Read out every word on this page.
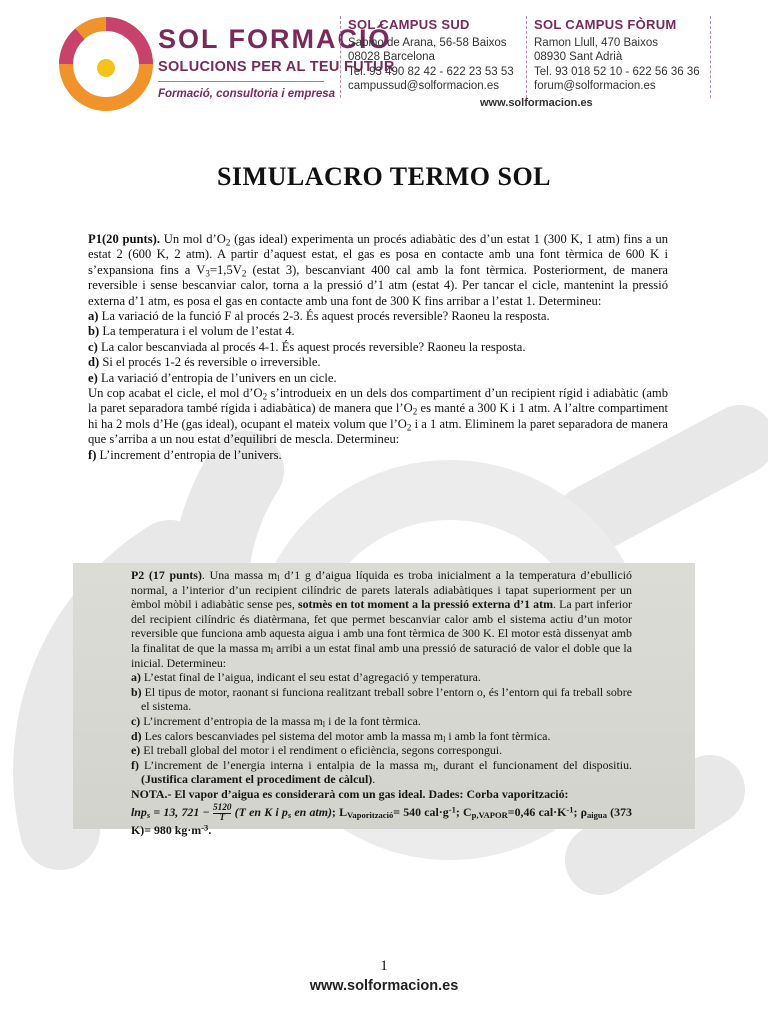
SOL FORMACIÓ
SOLUCIONS PER AL TEU FUTUR
Formació, consultoria i empresa
SOL CAMPUS SUD
Sabino de Arana, 56-58 Baixos
08028 Barcelona
Tel. 93 490 82 42 - 622 23 53 53
campussud@solformacion.es
SOL CAMPUS FÒRUM
Ramon Llull, 470 Baixos
08930 Sant Adrià
Tel. 93 018 52 10 - 622 56 36 36
forum@solformacion.es
www.solformacion.es
SIMULACRO TERMO SOL

P1(20 punts). Un mol $d’O_2$ (gas ideal) experimenta un procés adiabàtic des d’un estat 1 (300 K, 1 atm) fins a un estat 2 (600 K, 2 atm). A partir d’aquest estat, el gas es posa en contacte amb una font tèrmica de 600 K i s’expansiona fins a $V_3=1,5V_2$ (estat 3), bescanviant 400 cal amb la font tèrmica. Posteriorment, de manera reversible i sense bescanviar calor, torna a la pressió d’1 atm (estat 4). Per tancar el cicle, mantenint la pressió externa d’1 atm, es posa el gas en contacte amb una font de 300 K fins arribar a l’estat 1. Determineu:

a) La variació de la funció F al procés 2-3. És aquest procés reversible? Raoneu la resposta.

b) La temperatura i el volum de l’estat 4.

c) La calor bescanviada al procés 4-1. És aquest procés reversible? Raoneu la resposta.

d) Si el procés 1-2 és reversible o irreversible.

e) La variació d’entropia de l’univers en un cicle.

Un cop acabat el cicle, el mol $d’O_2$ s’introdueix en un dels dos compartiment d’un recipient rígid i adiabàtic (amb la paret separadora també rígida i adiabàtica) de manera que $l’O_2$ es manté a 300 K i 1 atm. A l’altre compartiment hi ha 2 mols d’He (gas ideal), ocupant el mateix volum que $l’O_2$ i a 1 atm. Eliminem la paret separadora de manera que s’arriba a un nou estat d’equilibri de mescla. Determineu:

f) L’increment d’entropia de l’univers.

P2 (17 punts). Una massa $m_l$ d’1 g d’aigua líquida es troba inicialment a la temperatura d’ebullició normal, a l’interior d’un recipient cilíndric de parets laterals adiabàtiques i tapat superiorment per un èmbol mòbil i adiabàtic sense pes, sotmès en tot moment a la pressió externa d’1 atm. La part inferior del recipient cilíndric és diatèrmana, fet que permet bescanviar calor amb el sistema actiu d’un motor reversible que funciona amb aquesta aigua i amb una font tèrmica de 300 K. El motor està dissenyat amb la finalitat de que la massa $m_l$ arribi a un estat final amb una pressió de saturació de valor el doble que la inicial. Determineu:

a) L’estat final de l’aigua, indicant el seu estat d’agregació y temperatura.

b) El tipus de motor, raonant si funciona realitzant treball sobre l’entorn o, és l’entorn qui fa treball sobre el sistema.

c) L’increment d’entropia de la massa $m_l$ i de la font tèrmica.

d) Les calors bescanviades pel sistema del motor amb la massa $m_l$ i amb la font tèrmica.

e) El treball global del motor i el rendiment o eficiència, segons correspongui.

f) L’increment de l’energia interna i entalpia de la massa $m_l$, durant el funcionament del dispositiu. (Justifica clarament el procediment de càlcul).

NOTA.- El vapor d’aigua es considerarà com un gas ideal. Dades: Corba vaporització:

lnp$_s$ = 13, $721 - \frac{5120}{T} (T$ en K i $p_s$ en atm); $L_{Vaporització}= 540$ $cal\cdot g^{-1}$; $C_{p,VAPOR}=0,46$ $cal\cdot K^{-1}$; $\rho_{aigua}$ (373 K)= 980 $kg\cdot m^{-3}$.

1
www.solformacion.es
